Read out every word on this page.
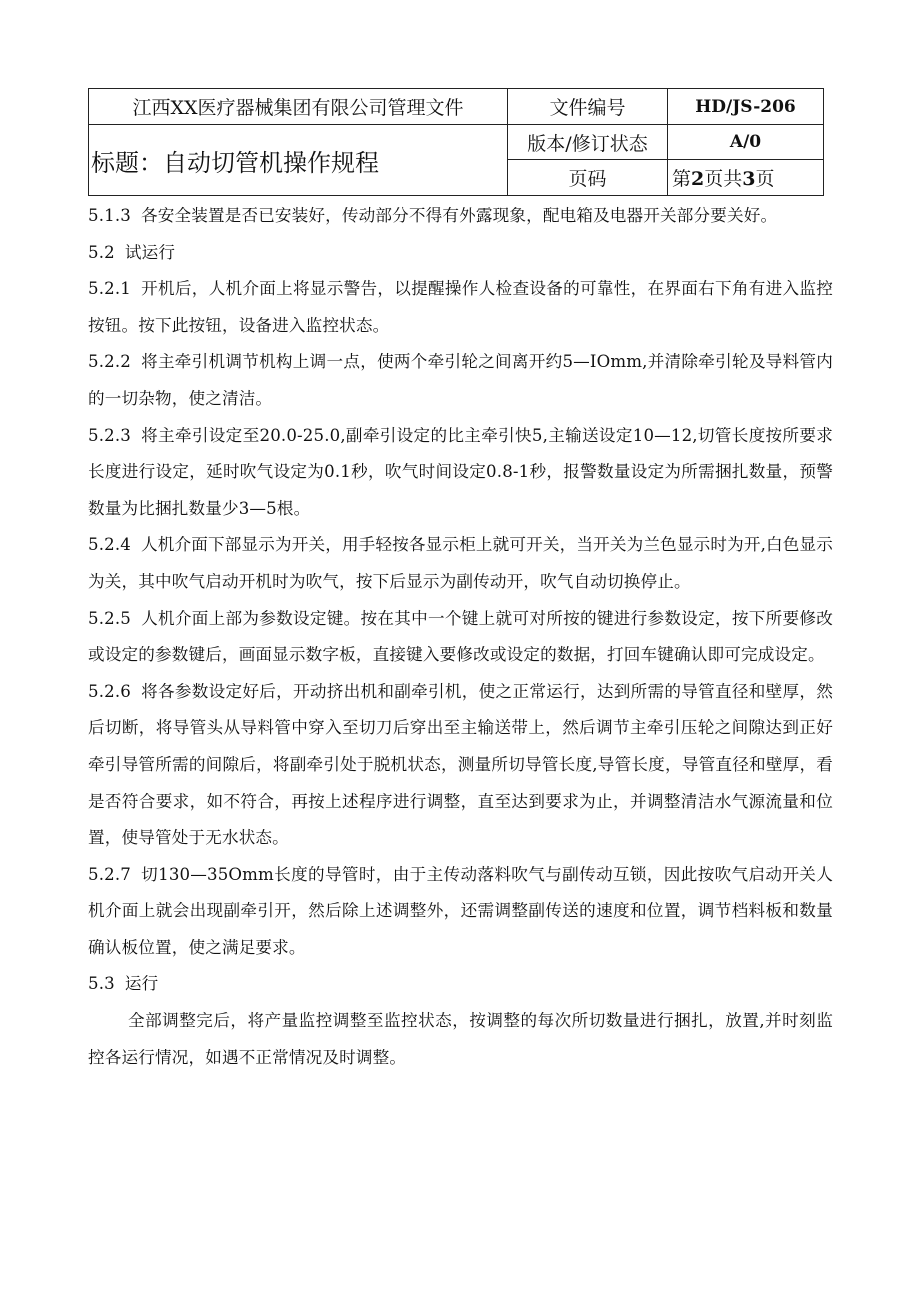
江西XX医疗器械集团有限公司管理文件	文件编号	HD/JS-206
标题：自动切管机操作规程	版本/修订状态	A/0
	页码	第2页共3页

5.1.3 各安全装置是否已安装好，传动部分不得有外露现象，配电箱及电器开关部分要关好。

5.2 试运行

5.2.1 开机后，人机介面上将显示警告，以提醒操作人检查设备的可靠性，在界面右下角有进入监控按钮。按下此按钮，设备进入监控状态。

5.2.2 将主牵引机调节机构上调一点，使两个牵引轮之间离开约5—IOmm,并清除牵引轮及导料管内的一切杂物，使之清洁。

5.2.3 将主牵引设定至20.0-25.0,副牵引设定的比主牵引快5,主输送设定10—12,切管长度按所要求长度进行设定，延时吹气设定为0.1秒，吹气时间设定0.8-1秒，报警数量设定为所需捆扎数量，预警数量为比捆扎数量少3—5根。

5.2.4 人机介面下部显示为开关，用手轻按各显示柜上就可开关，当开关为兰色显示时为开,白色显示为关，其中吹气启动开机时为吹气，按下后显示为副传动开，吹气自动切换停止。

5.2.5 人机介面上部为参数设定键。按在其中一个键上就可对所按的键进行参数设定，按下所要修改或设定的参数键后，画面显示数字板，直接键入要修改或设定的数据，打回车键确认即可完成设定。

5.2.6 将各参数设定好后，开动挤出机和副牵引机，使之正常运行，达到所需的导管直径和壁厚，然后切断，将导管头从导料管中穿入至切刀后穿出至主输送带上，然后调节主牵引压轮之间隙达到正好牵引导管所需的间隙后，将副牵引处于脱机状态，测量所切导管长度,导管长度，导管直径和壁厚，看是否符合要求，如不符合，再按上述程序进行调整，直至达到要求为止，并调整清洁水气源流量和位置，使导管处于无水状态。

5.2.7 切130—35Omm长度的导管时，由于主传动落料吹气与副传动互锁，因此按吹气启动开关人机介面上就会出现副牵引开，然后除上述调整外，还需调整副传送的速度和位置，调节档料板和数量确认板位置，使之满足要求。

5.3 运行

全部调整完后，将产量监控调整至监控状态，按调整的每次所切数量进行捆扎，放置,并时刻监控各运行情况，如遇不正常情况及时调整。
